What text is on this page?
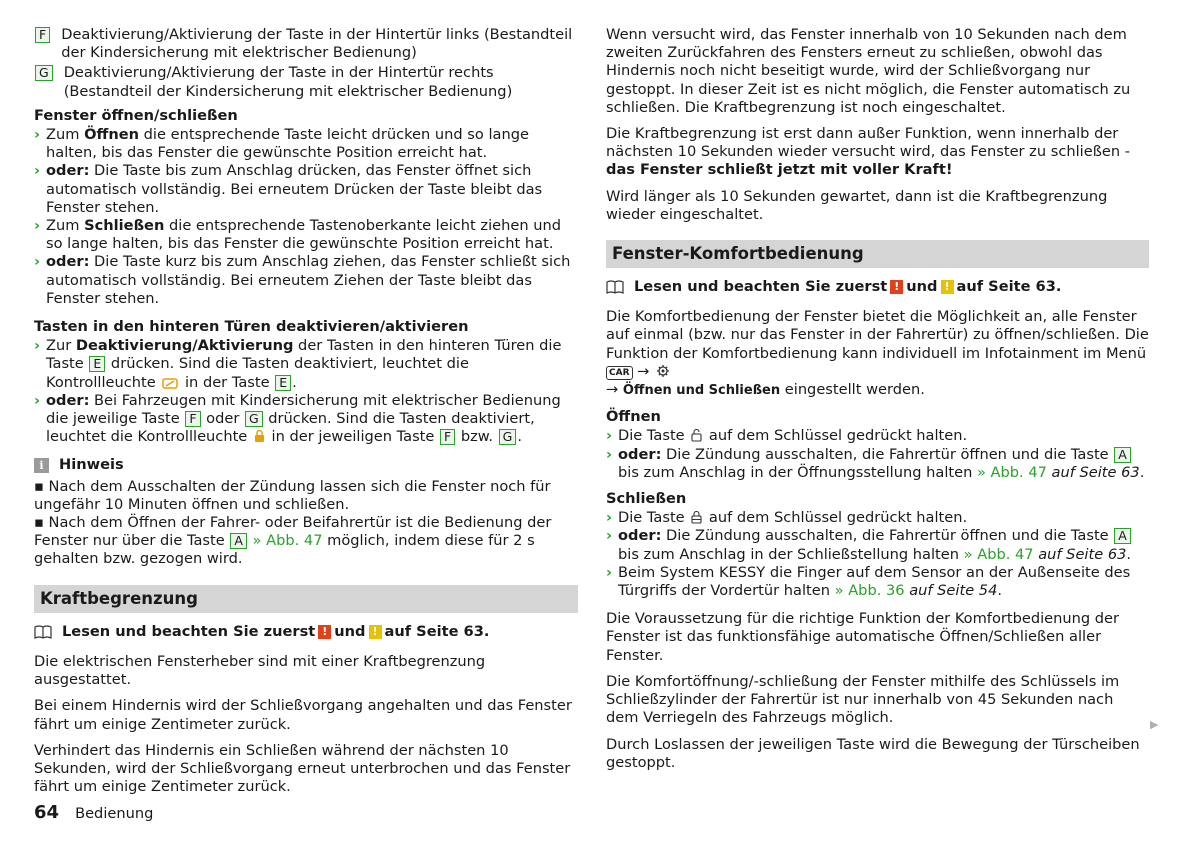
F	Deaktivierung/Aktivierung der Taste in der Hintertür links (Bestandteil der Kindersicherung mit elektrischer Bedienung)
G	Deaktivierung/Aktivierung der Taste in der Hintertür rechts (Bestandteil der Kindersicherung mit elektrischer Bedienung)
Fenster öffnen/schließen
› Zum Öffnen die entsprechende Taste leicht drücken und so lange halten, bis das Fenster die gewünschte Position erreicht hat.
› oder: Die Taste bis zum Anschlag drücken, das Fenster öffnet sich automatisch vollständig. Bei erneutem Drücken der Taste bleibt das Fenster stehen.
› Zum Schließen die entsprechende Tastenoberkante leicht ziehen und so lange halten, bis das Fenster die gewünschte Position erreicht hat.
› oder: Die Taste kurz bis zum Anschlag ziehen, das Fenster schließt sich automatisch vollständig. Bei erneutem Ziehen der Taste bleibt das Fenster stehen.
Tasten in den hinteren Türen deaktivieren/aktivieren
› Zur Deaktivierung/Aktivierung der Tasten in den hinteren Türen die Taste E drücken. Sind die Tasten deaktiviert, leuchtet die Kontrollleuchte  in der Taste E .
› oder: Bei Fahrzeugen mit Kindersicherung mit elektrischer Bedienung die jeweilige Taste F oder G drücken. Sind die Tasten deaktiviert, leuchtet die Kontrollleuchte  in der jeweiligen Taste F bzw. G .
i	Hinweis
▪ Nach dem Ausschalten der Zündung lassen sich die Fenster noch für ungefähr 10 Minuten öffnen und schließen.
▪ Nach dem Öffnen der Fahrer- oder Beifahrertür ist die Bedienung der Fenster nur über die Taste A » Abb. 47 möglich, indem diese für 2 s gehalten bzw. gezogen wird.
Kraftbegrenzung
Lesen und beachten Sie zuerst ! und ! auf Seite 63.

Die elektrischen Fensterheber sind mit einer Kraftbegrenzung ausgestattet.

Bei einem Hindernis wird der Schließvorgang angehalten und das Fenster fährt um einige Zentimeter zurück.

Verhindert das Hindernis ein Schließen während der nächsten 10 Sekunden, wird der Schließvorgang erneut unterbrochen und das Fenster fährt um einige Zentimeter zurück.

Wenn versucht wird, das Fenster innerhalb von 10 Sekunden nach dem zweiten Zurückfahren des Fensters erneut zu schließen, obwohl das Hindernis noch nicht beseitigt wurde, wird der Schließvorgang nur gestoppt. In dieser Zeit ist es nicht möglich, die Fenster automatisch zu schließen. Die Kraftbegrenzung ist noch eingeschaltet.

Die Kraftbegrenzung ist erst dann außer Funktion, wenn innerhalb der nächsten 10 Sekunden wieder versucht wird, das Fenster zu schließen - das Fenster schließt jetzt mit voller Kraft!

Wird länger als 10 Sekunden gewartet, dann ist die Kraftbegrenzung wieder eingeschaltet.

Fenster-Komfortbedienung
Lesen und beachten Sie zuerst ! und ! auf Seite 63.

Die Komfortbedienung der Fenster bietet die Möglichkeit an, alle Fenster auf einmal (bzw. nur das Fenster in der Fahrertür) zu öffnen/schließen. Die Funktion der Komfortbedienung kann individuell im Infotainment im Menü CAR →
→ Öffnen und Schließen eingestellt werden.

Öffnen
› Die Taste  auf dem Schlüssel gedrückt halten.
› oder: Die Zündung ausschalten, die Fahrertür öffnen und die Taste A bis zum Anschlag in der Öffnungsstellung halten » Abb. 47 auf Seite 63.
Schließen
› Die Taste  auf dem Schlüssel gedrückt halten.
› oder: Die Zündung ausschalten, die Fahrertür öffnen und die Taste A bis zum Anschlag in der Schließstellung halten » Abb. 47 auf Seite 63.
› Beim System KESSY die Finger auf dem Sensor an der Außenseite des Türgriffs der Vordertür halten » Abb. 36 auf Seite 54.

Die Voraussetzung für die richtige Funktion der Komfortbedienung der Fenster ist das funktionsfähige automatische Öffnen/Schließen aller Fenster.

Die Komfortöffnung/-schließung der Fenster mithilfe des Schlüssels im Schließzylinder der Fahrertür ist nur innerhalb von 45 Sekunden nach dem Verriegeln des Fahrzeugs möglich.

Durch Loslassen der jeweiligen Taste wird die Bewegung der Türscheiben gestoppt.

▶
64 Bedienung
